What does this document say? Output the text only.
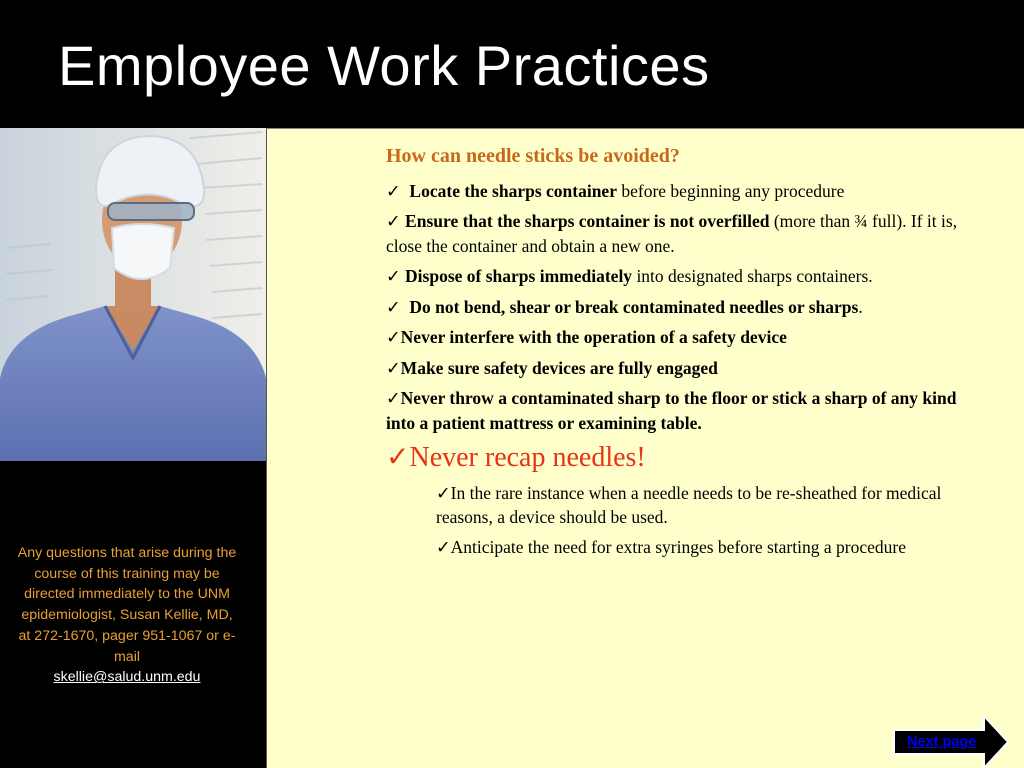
Employee Work Practices
Any questions that arise during the course of this training may be directed immediately to the UNM epidemiologist, Susan Kellie, MD, at 272-1670, pager 951-1067 or e-mail
skellie@salud.unm.edu

How can needle sticks be avoided?

✓ Locate the sharps container before beginning any procedure

✓ Ensure that the sharps container is not overfilled (more than ¾ full). If it is, close the container and obtain a new one.

✓ Dispose of sharps immediately into designated sharps containers.

✓ Do not bend, shear or break contaminated needles or sharps.

✓Never interfere with the operation of a safety device

✓Make sure safety devices are fully engaged

✓Never throw a contaminated sharp to the floor or stick a sharp of any kind into a patient mattress or examining table.

✓Never recap needles!

✓In the rare instance when a needle needs to be re-sheathed for medical reasons, a device should be used.

✓Anticipate the need for extra syringes before starting a procedure

Next page
